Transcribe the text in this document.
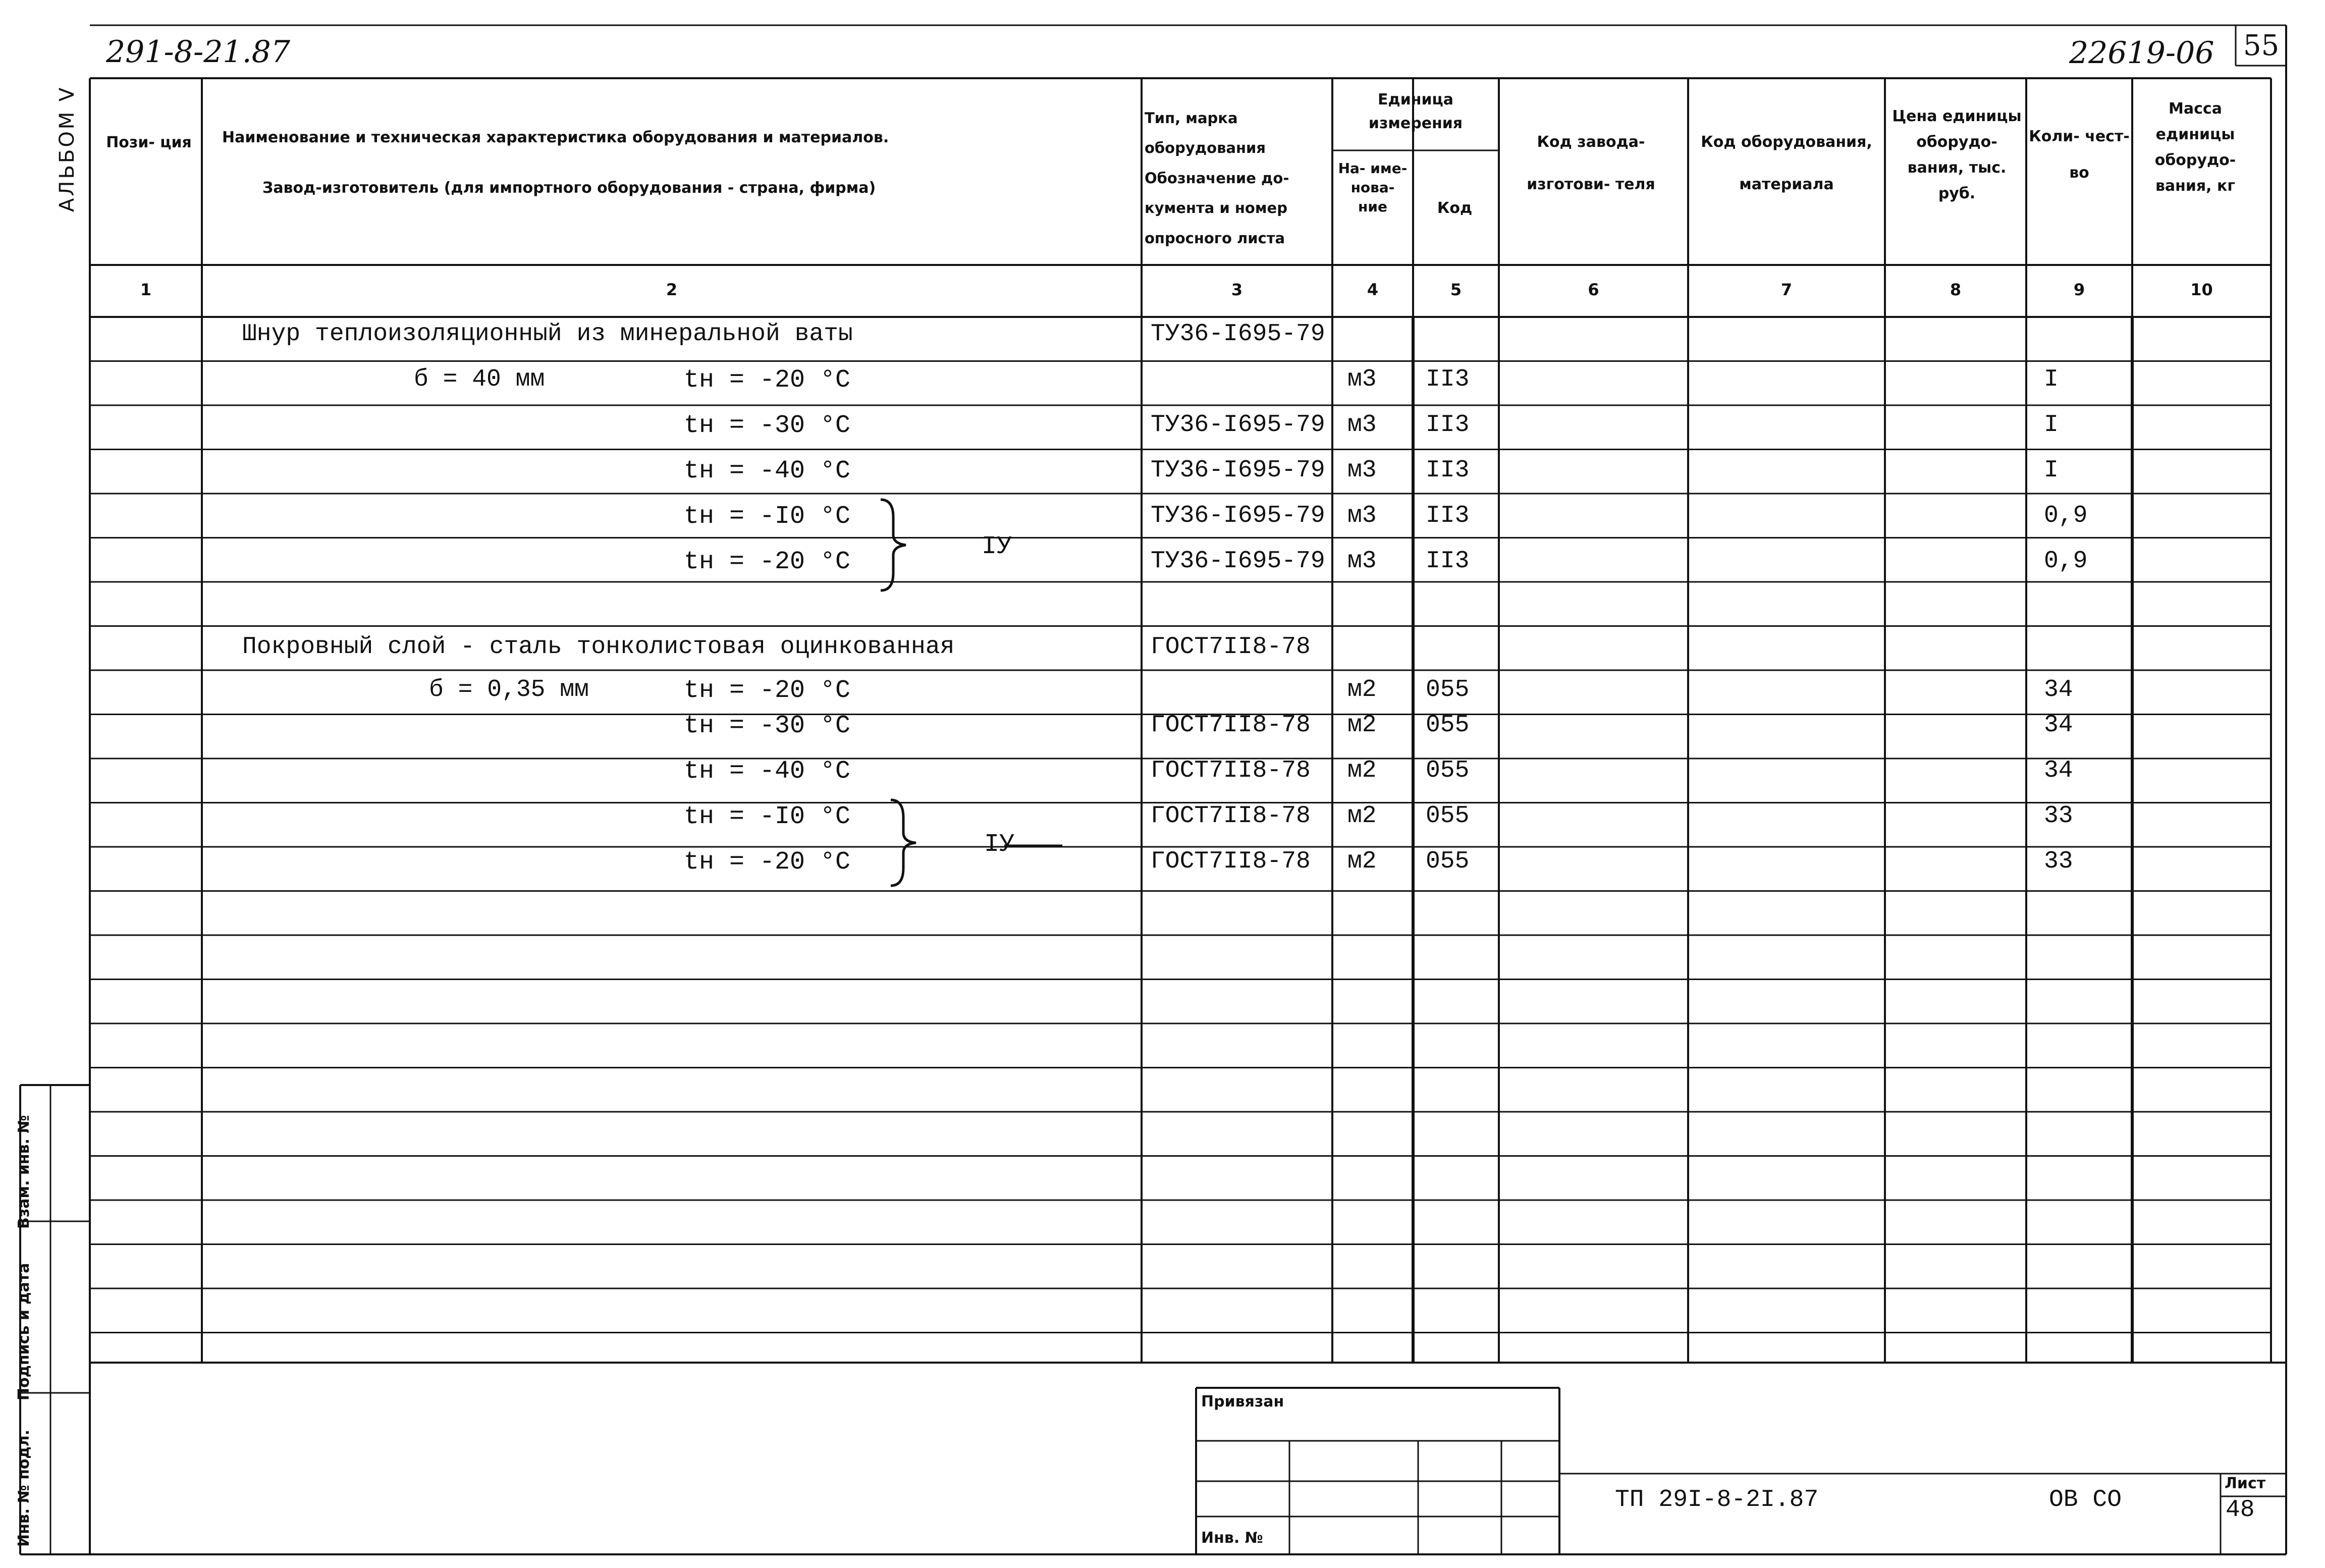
291-8-21.87	22619-06 55
АЛЬБОМ V	Пози- ция	Наименование и техническая характеристика оборудования и материалов.
Завод-изготовитель (для импортного оборудования - страна, фирма)
Тип, марка оборудования Обозначение до- кумента и номер опросного листа
Единица измерения
На- име- нова- ние	Код
Код завода- изготови- теля
Код оборудования, материала
Цена единицы оборудо- вания, тыс. руб.
Коли- чест- во
Масса единицы оборудо- вания, кг
1	2	3	4	5	6	7	8	9	10
Шнур теплоизоляционный из минеральной ваты	ТУ36-I695-79
б = 40 мм	tн = -20 °С	м3 II3	I
tн = -30 °С	ТУ36-I695-79 м3 II3	I
tн = -40 °С	ТУ36-I695-79 м3 II3	I
tн = -I0 °С	ТУ36-I695-79 м3 II3	0,9
tн = -20 °С	ТУ36-I695-79 м3 II3	0,9
Покровный слой - сталь тонколистовая оцинкованная	ГОСТ7II8-78
б = 0,35 мм	tн = -20 °С	м2 055	34
tн = -30 °С	ГОСТ7II8-78 м2 055	34
tн = -40 °С	ГОСТ7II8-78 м2 055	34
tн = -I0 °С	ГОСТ7II8-78 м2 055	33
tн = -20 °С	ГОСТ7II8-78 м2 055	33
IУ
IУ
Взам. инв. №
Подпись и дата
Инв. № подл.
Привязан
Инв. №
ТП 29I-8-2I.87	ОВ СО
Лист
48
